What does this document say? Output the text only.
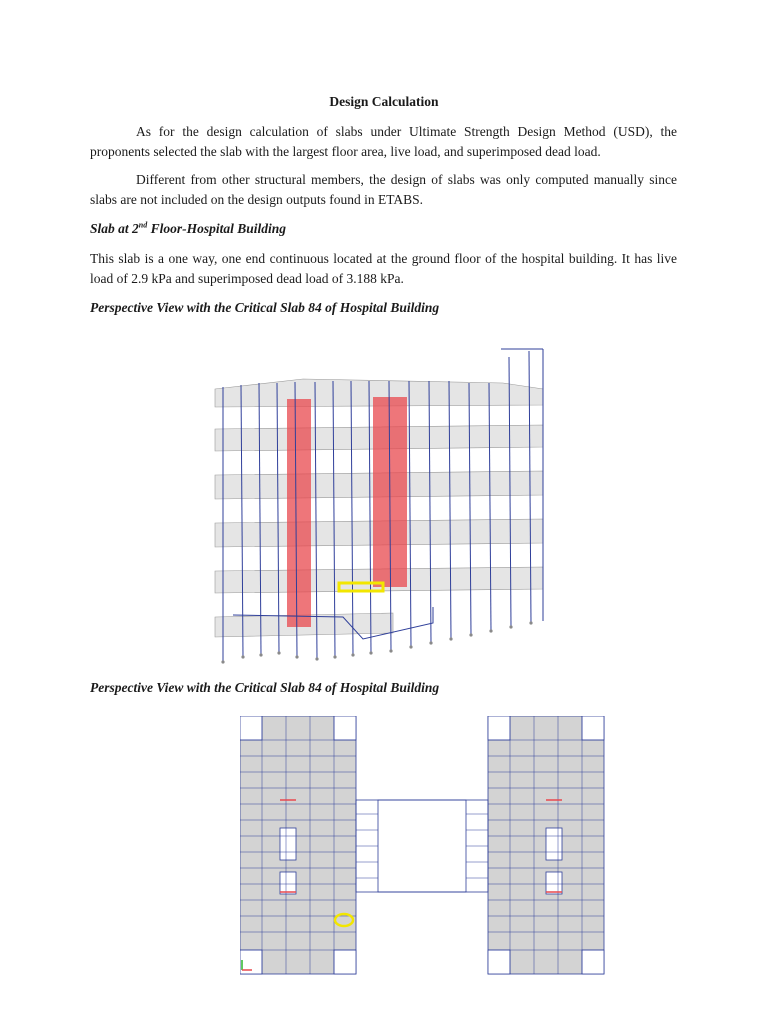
Design Calculation

As for the design calculation of slabs under Ultimate Strength Design Method (USD), the proponents selected the slab with the largest floor area, live load, and superimposed dead load.

Different from other structural members, the design of slabs was only computed manually since slabs are not included on the design outputs found in ETABS.

Slab at 2nd Floor-Hospital Building

This slab is a one way, one end continuous located at the ground floor of the hospital building. It has live load of 2.9 kPa and superimposed dead load of 3.188 kPa.

Perspective View with the Critical Slab 84 of Hospital Building
Perspective View with the Critical Slab 84 of Hospital Building
